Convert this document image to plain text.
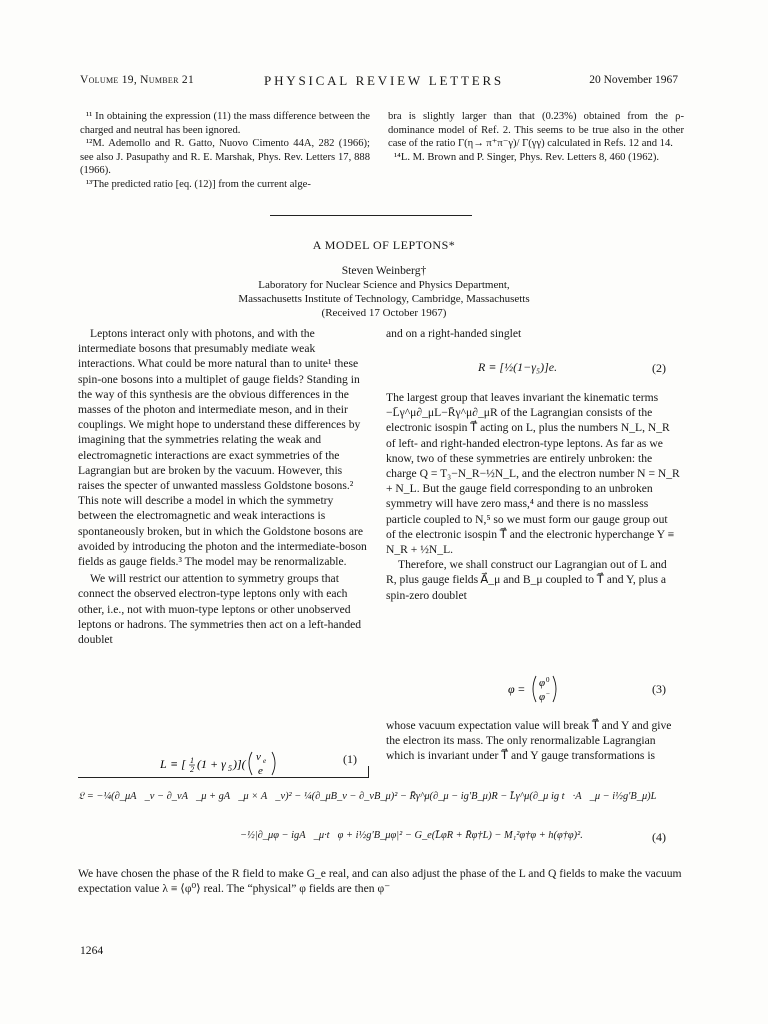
Volume 19, Number 21	PHYSICAL REVIEW LETTERS	20 November 1967

¹¹ In obtaining the expression (11) the mass difference between the charged and neutral has been ignored.

¹²M. Ademollo and R. Gatto, Nuovo Cimento 44A, 282 (1966); see also J. Pasupathy and R. E. Marshak, Phys. Rev. Letters 17, 888 (1966).

¹³The predicted ratio [eq. (12)] from the current alge-

bra is slightly larger than that (0.23%) obtained from the ρ-dominance model of Ref. 2. This seems to be true also in the other case of the ratio Γ(η→ π⁺π⁻γ)/ Γ(γγ) calculated in Refs. 12 and 14.

¹⁴L. M. Brown and P. Singer, Phys. Rev. Letters 8, 460 (1962).

A MODEL OF LEPTONS*
Steven Weinberg†
Laboratory for Nuclear Science and Physics Department,
Massachusetts Institute of Technology, Cambridge, Massachusetts
(Received 17 October 1967)

Leptons interact only with photons, and with the intermediate bosons that presumably mediate weak interactions. What could be more natural than to unite¹ these spin-one bosons into a multiplet of gauge fields? Standing in the way of this synthesis are the obvious differences in the masses of the photon and intermediate meson, and in their couplings. We might hope to understand these differences by imagining that the symmetries relating the weak and electromagnetic interactions are exact symmetries of the Lagrangian but are broken by the vacuum. However, this raises the specter of unwanted massless Goldstone bosons.² This note will describe a model in which the symmetry between the electromagnetic and weak interactions is spontaneously broken, but in which the Goldstone bosons are avoided by introducing the photon and the intermediate-boson fields as gauge fields.³ The model may be renormalizable.

We will restrict our attention to symmetry groups that connect the observed electron-type leptons only with each other, i.e., not with muon-type leptons or other unobserved leptons or hadrons. The symmetries then act on a left-handed doublet

L ≡ [ 1
2 (1 + γ 5 )]( ν e
e
(1)

and on a right-handed singlet

R ≡ [½(1−γ₅)]e.	(2)

The largest group that leaves invariant the kinematic terms −L̄γ^μ∂_μL−R̄γ^μ∂_μR of the Lagrangian consists of the electronic isospin T⃗ acting on L, plus the numbers N_L, N_R of left- and right-handed electron-type leptons. As far as we know, two of these symmetries are entirely unbroken: the charge Q = T₃−N_R−½N_L, and the electron number N = N_R + N_L. But the gauge field corresponding to an unbroken symmetry will have zero mass,⁴ and there is no massless particle coupled to N,⁵ so we must form our gauge group out of the electronic isospin T⃗ and the electronic hyperchange Y ≡ N_R + ½N_L.

Therefore, we shall construct our Lagrangian out of L and R, plus gauge fields A⃗_μ and B_μ coupled to T⃗ and Y, plus a spin-zero doublet

φ = φ 0
φ −	(3)

whose vacuum expectation value will break T⃗ and Y and give the electron its mass. The only renormalizable Lagrangian which is invariant under T⃗ and Y gauge transformations is

𝔏 = −¼(∂_μA⃗_ν − ∂_νA⃗_μ + gA⃗_μ × A⃗_ν)² − ¼(∂_μB_ν − ∂_νB_μ)² − R̄γ^μ(∂_μ − ig′B_μ)R − L̄γ^μ(∂_μ ig t⃗·A⃗_μ − i½g′B_μ)L
−½|∂_μφ − igA⃗_μ·t⃗φ + i½g′B_μφ|² − G_e(L̄φR + R̄φ†L) − M₁²φ†φ + h(φ†φ)².	(4)

We have chosen the phase of the R field to make G_e real, and can also adjust the phase of the L and Q fields to make the vacuum expectation value λ ≡ ⟨φ⁰⟩ real. The “physical” φ fields are then φ⁻

1264
